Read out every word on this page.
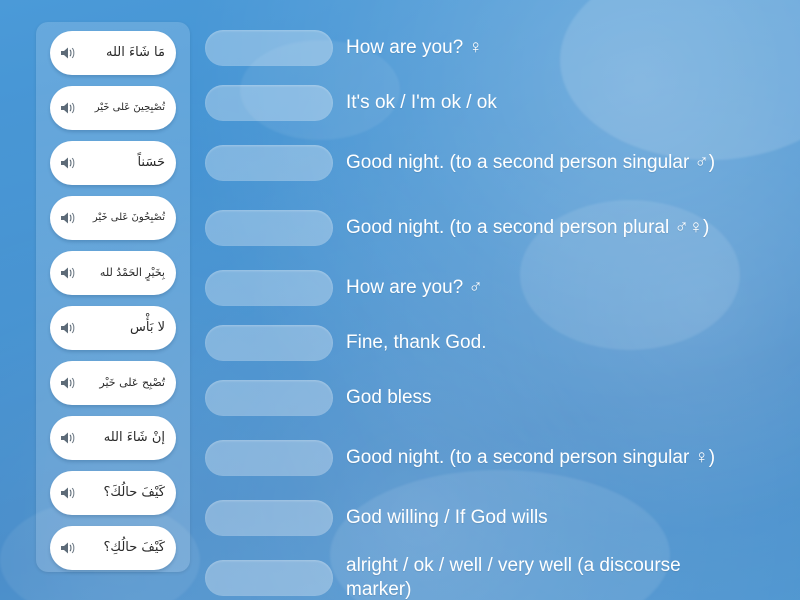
مَا شَاءَ الله
تُصْبِحِينَ عَلى خَيْر
حَسَناً
تُصْبِحُونَ عَلى خَيْر
بِخَيْرٍ الحَمْدُ لله
لا بَأْس
تُصْبِح عَلى خَيْر
إنْ شَاءَ الله
كَيْفَ حالُكَ؟
كَيْفَ حالُكِ؟
How are you? ♀
It's ok / I'm ok / ok
Good night. (to a second person singular ♂)
Good night. (to a second person plural ♂♀)
How are you? ♂
Fine, thank God.
God bless
Good night. (to a second person singular ♀)
God willing / If God wills
alright / ok / well / very well (a discourse marker)
